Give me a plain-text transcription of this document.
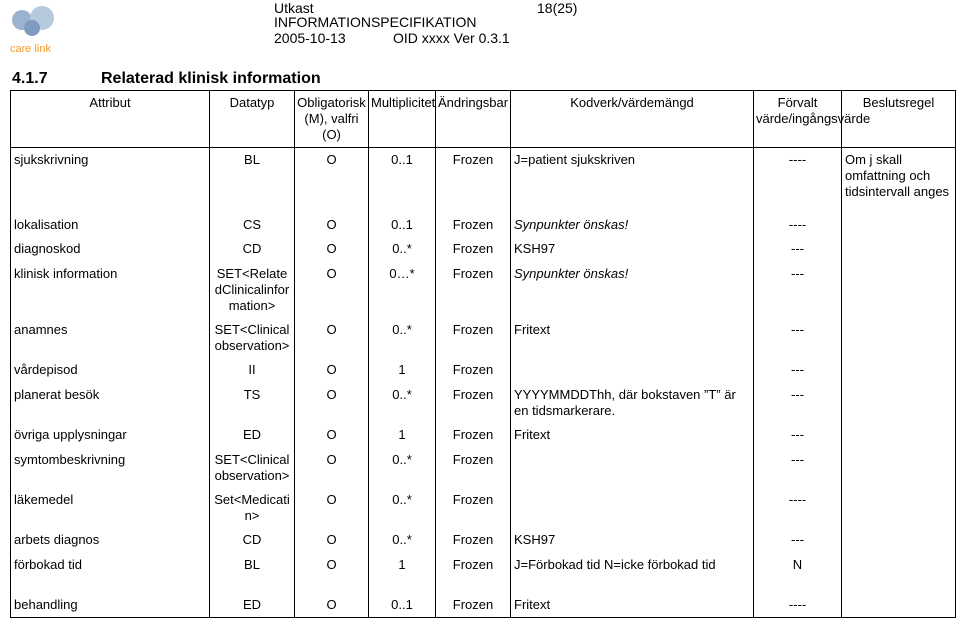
care link
Utkast	18(25)
INFORMATIONSPECIFIKATION
2005-10-13	OID xxxx Ver 0.3.1
4.1.7	Relaterad klinisk information
Attribut	Datatyp	Obligatorisk (M), valfri (O)	Multiplicitet	Ändringsbar	Kodverk/värdemängd	Förvalt värde/ingångsvärde	Beslutsregel
sjukskrivning	BL	O	0..1	Frozen	J=patient sjukskriven	----	Om j skall omfattning och tidsintervall anges
lokalisation	CS	O	0..1	Frozen	Synpunkter önskas!	----	
diagnoskod	CD	O	0..*	Frozen	KSH97	---	
klinisk information	SET<Relate dClinicalinfor mation>	O	0…*	Frozen	Synpunkter önskas!	---	
anamnes	SET<Clinical observation>	O	0..*	Frozen	Fritext	---	
vårdepisod	II	O	1	Frozen		---	
planerat besök	TS	O	0..*	Frozen	YYYYMMDDThh, där bokstaven ”T” är en tidsmarkerare.	---	
övriga upplysningar	ED	O	1	Frozen	Fritext	---	
symtombeskrivning	SET<Clinical observation>	O	0..*	Frozen		---	
läkemedel	Set<Medicati n>	O	0..*	Frozen		----	
arbets diagnos	CD	O	0..*	Frozen	KSH97	---	
förbokad tid	BL	O	1	Frozen	J=Förbokad tid N=icke förbokad tid	N	
behandling	ED	O	0..1	Frozen	Fritext	----	
